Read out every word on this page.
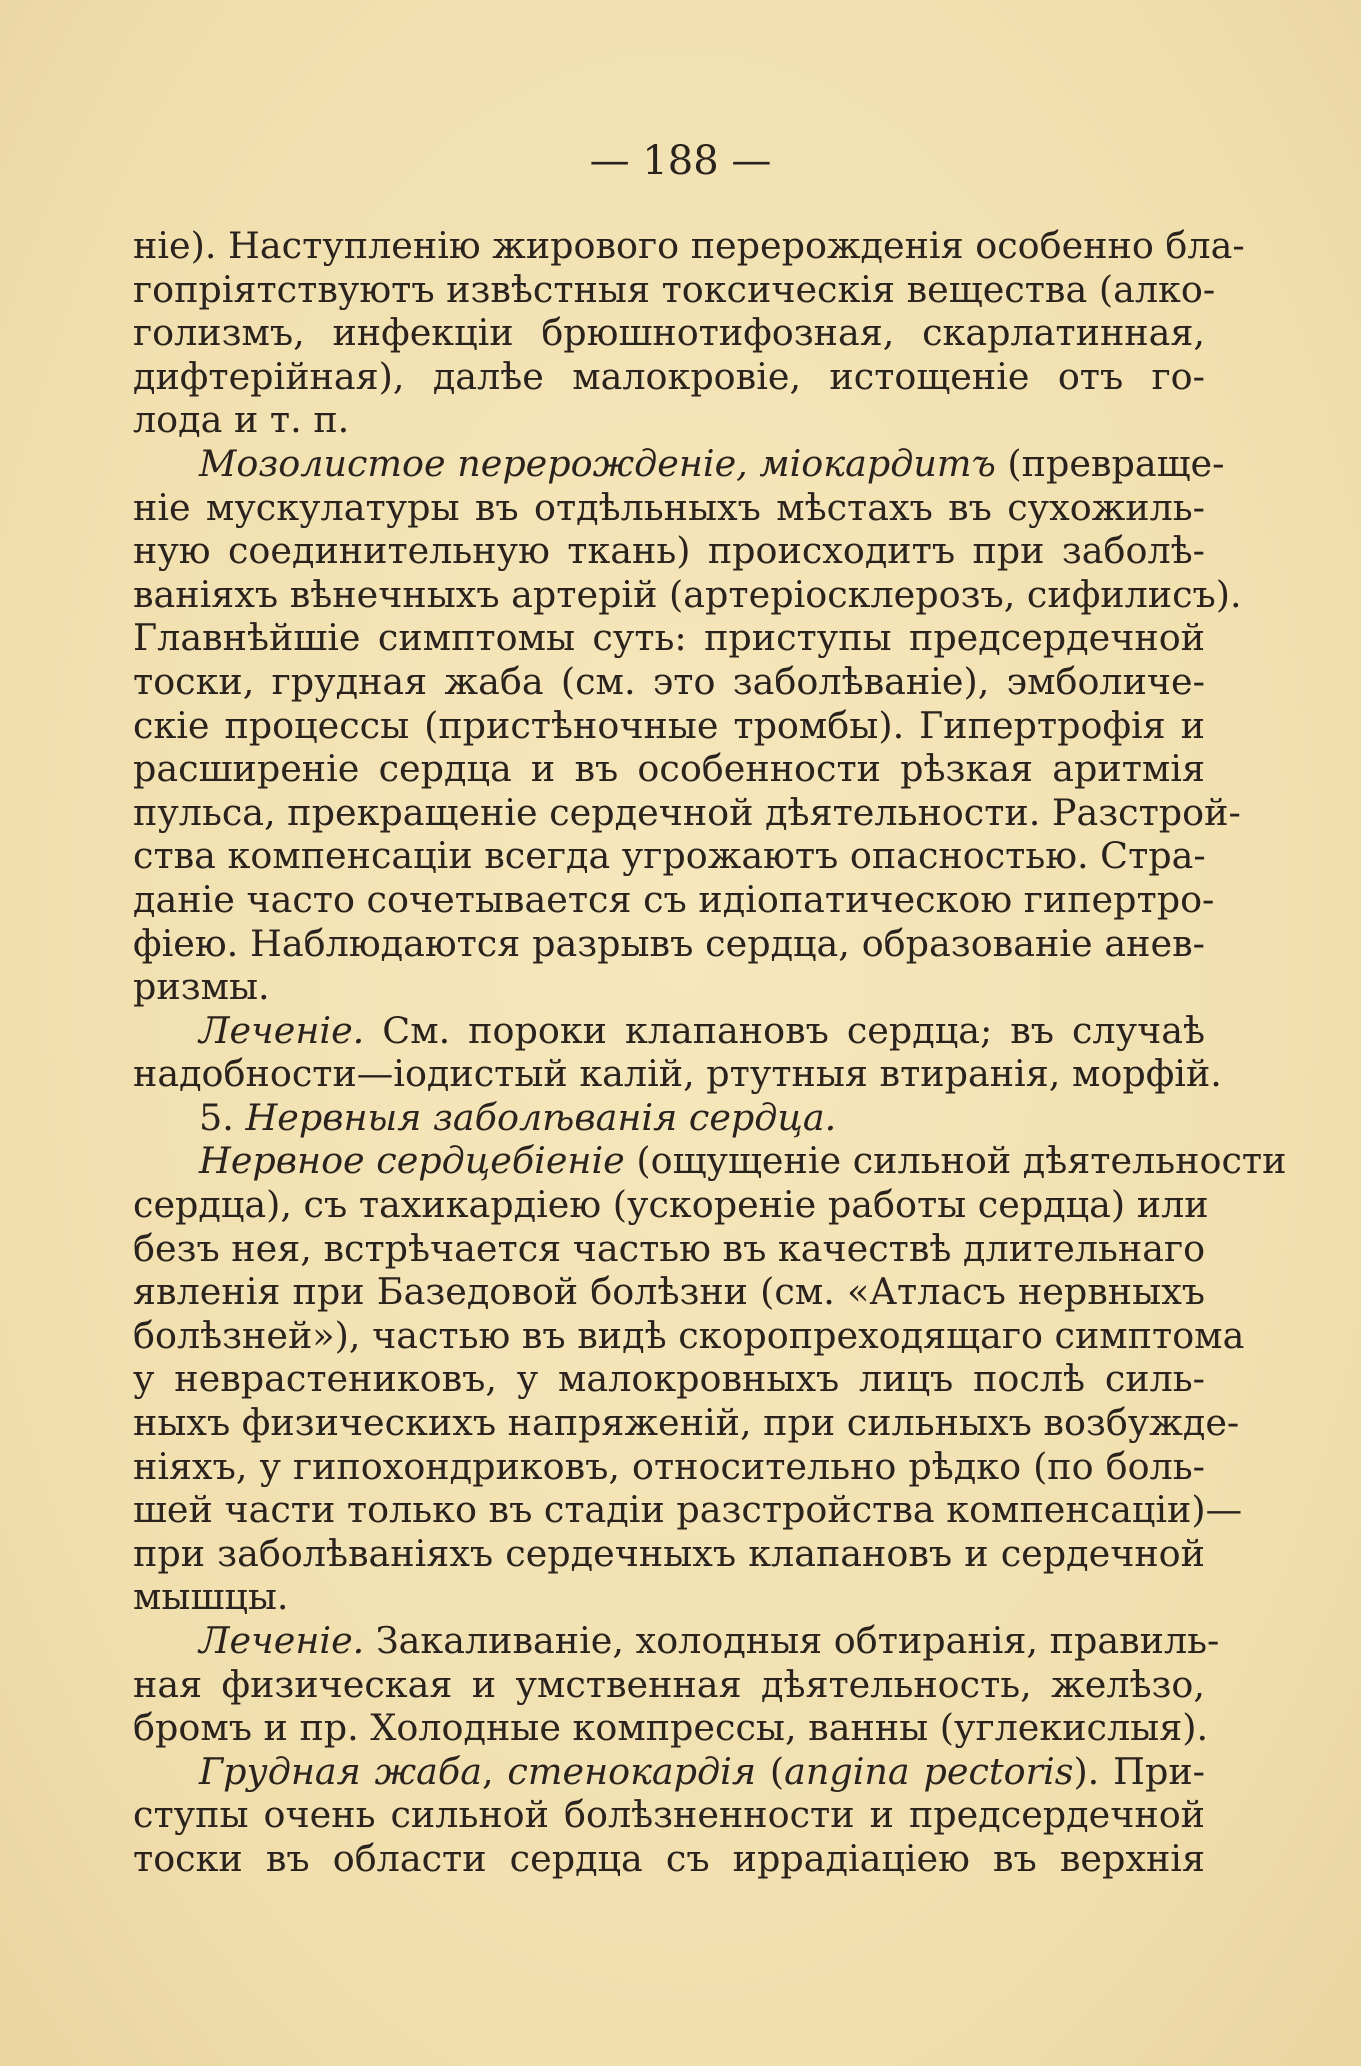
— 188 —
ніе). Наступленію жирового перерожденія особенно бла-
гопріятствуютъ извѣстныя токсическія вещества (алко-
голизмъ, инфекціи брюшнотифозная, скарлатинная,
дифтерійная), далѣе малокровіе, истощеніе отъ го-
лода и т. п.
Мозолистое перерожденіе, міокардитъ (превраще-
ніе мускулатуры въ отдѣльныхъ мѣстахъ въ сухожиль-
ную соединительную ткань) происходитъ при заболѣ-
ваніяхъ вѣнечныхъ артерій (артеріосклерозъ, сифилисъ).
Главнѣйшіе симптомы суть: приступы предсердечной
тоски, грудная жаба (см. это заболѣваніе), эмболиче-
скіе процессы (пристѣночные тромбы). Гипертрофія и
расширеніе сердца и въ особенности рѣзкая аритмія
пульса, прекращеніе сердечной дѣятельности. Разстрой-
ства компенсаціи всегда угрожаютъ опасностью. Стра-
даніе часто сочетывается съ идіопатическою гипертро-
фіею. Наблюдаются разрывъ сердца, образованіе анев-
ризмы.
Леченіе. См. пороки клапановъ сердца; въ случаѣ
надобности—іодистый калій, ртутныя втиранія, морфій.
5. Нервныя заболѣванія сердца.
Нервное сердцебіеніе (ощущеніе сильной дѣятельности
сердца), съ тахикардіею (ускореніе работы сердца) или
безъ нея, встрѣчается частью въ качествѣ длительнаго
явленія при Базедовой болѣзни (см. «Атласъ нервныхъ
болѣзней»), частью въ видѣ скоропреходящаго симптома
у неврастениковъ, у малокровныхъ лицъ послѣ силь-
ныхъ физическихъ напряженій, при сильныхъ возбужде-
ніяхъ, у гипохондриковъ, относительно рѣдко (по боль-
шей части только въ стадіи разстройства компенсаціи)—
при заболѣваніяхъ сердечныхъ клапановъ и сердечной
мышцы.
Леченіе. Закаливаніе, холодныя обтиранія, правиль-
ная физическая и умственная дѣятельность, желѣзо,
бромъ и пр. Холодные компрессы, ванны (углекислыя).
Грудная жаба, стенокардія (angina pectoris). При-
ступы очень сильной болѣзненности и предсердечной
тоски въ области сердца съ иррадіаціею въ верхнія
